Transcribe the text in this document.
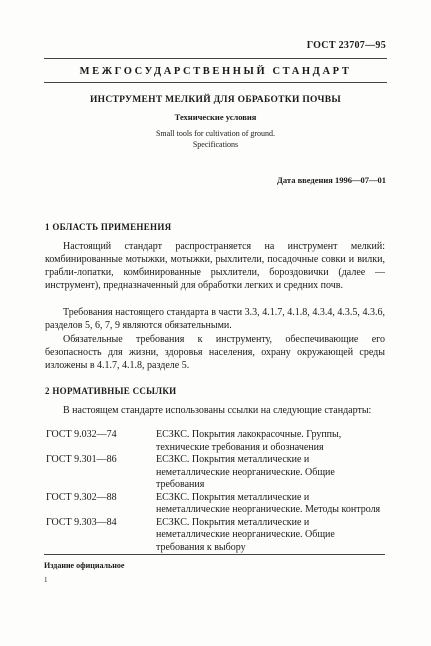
ГОСТ 23707—95
МЕЖГОСУДАРСТВЕННЫЙ СТАНДАРТ
ИНСТРУМЕНТ МЕЛКИЙ ДЛЯ ОБРАБОТКИ ПОЧВЫ
Технические условия
Small tools for cultivation of ground.
Specifications
Дата введения 1996—07—01
1 ОБЛАСТЬ ПРИМЕНЕНИЯ

Настоящий стандарт распространяется на инструмент мелкий: комбинированные мотыжки, мотыжки, рыхлители, посадочные совки и вилки, грабли-лопатки, комбинированные рыхлители, бороздовички (далее — инструмент), предназначенный для обработки легких и средних почв.

Требования настоящего стандарта в части 3.3, 4.1.7, 4.1.8, 4.3.4, 4.3.5, 4.3.6, разделов 5, 6, 7, 9 являются обязательными.

Обязательные требования к инструменту, обеспечивающие его безопасность для жизни, здоровья населения, охрану окружающей среды изложены в 4.1.7, 4.1.8, разделе 5.

2 НОРМАТИВНЫЕ ССЫЛКИ

В настоящем стандарте использованы ссылки на следующие стандарты:

ГОСТ 9.032—74	ЕСЗКС. Покрытия лакокрасочные. Группы, технические требования и обозначения
ГОСТ 9.301—86	ЕСЗКС. Покрытия металлические и неметаллические неорганические. Общие требования
ГОСТ 9.302—88	ЕСЗКС. Покрытия металлические и неметаллические неорганические. Методы контроля
ГОСТ 9.303—84	ЕСЗКС. Покрытия металлические и неметаллические неорганические. Общие требования к выбору
Издание официальное
1
